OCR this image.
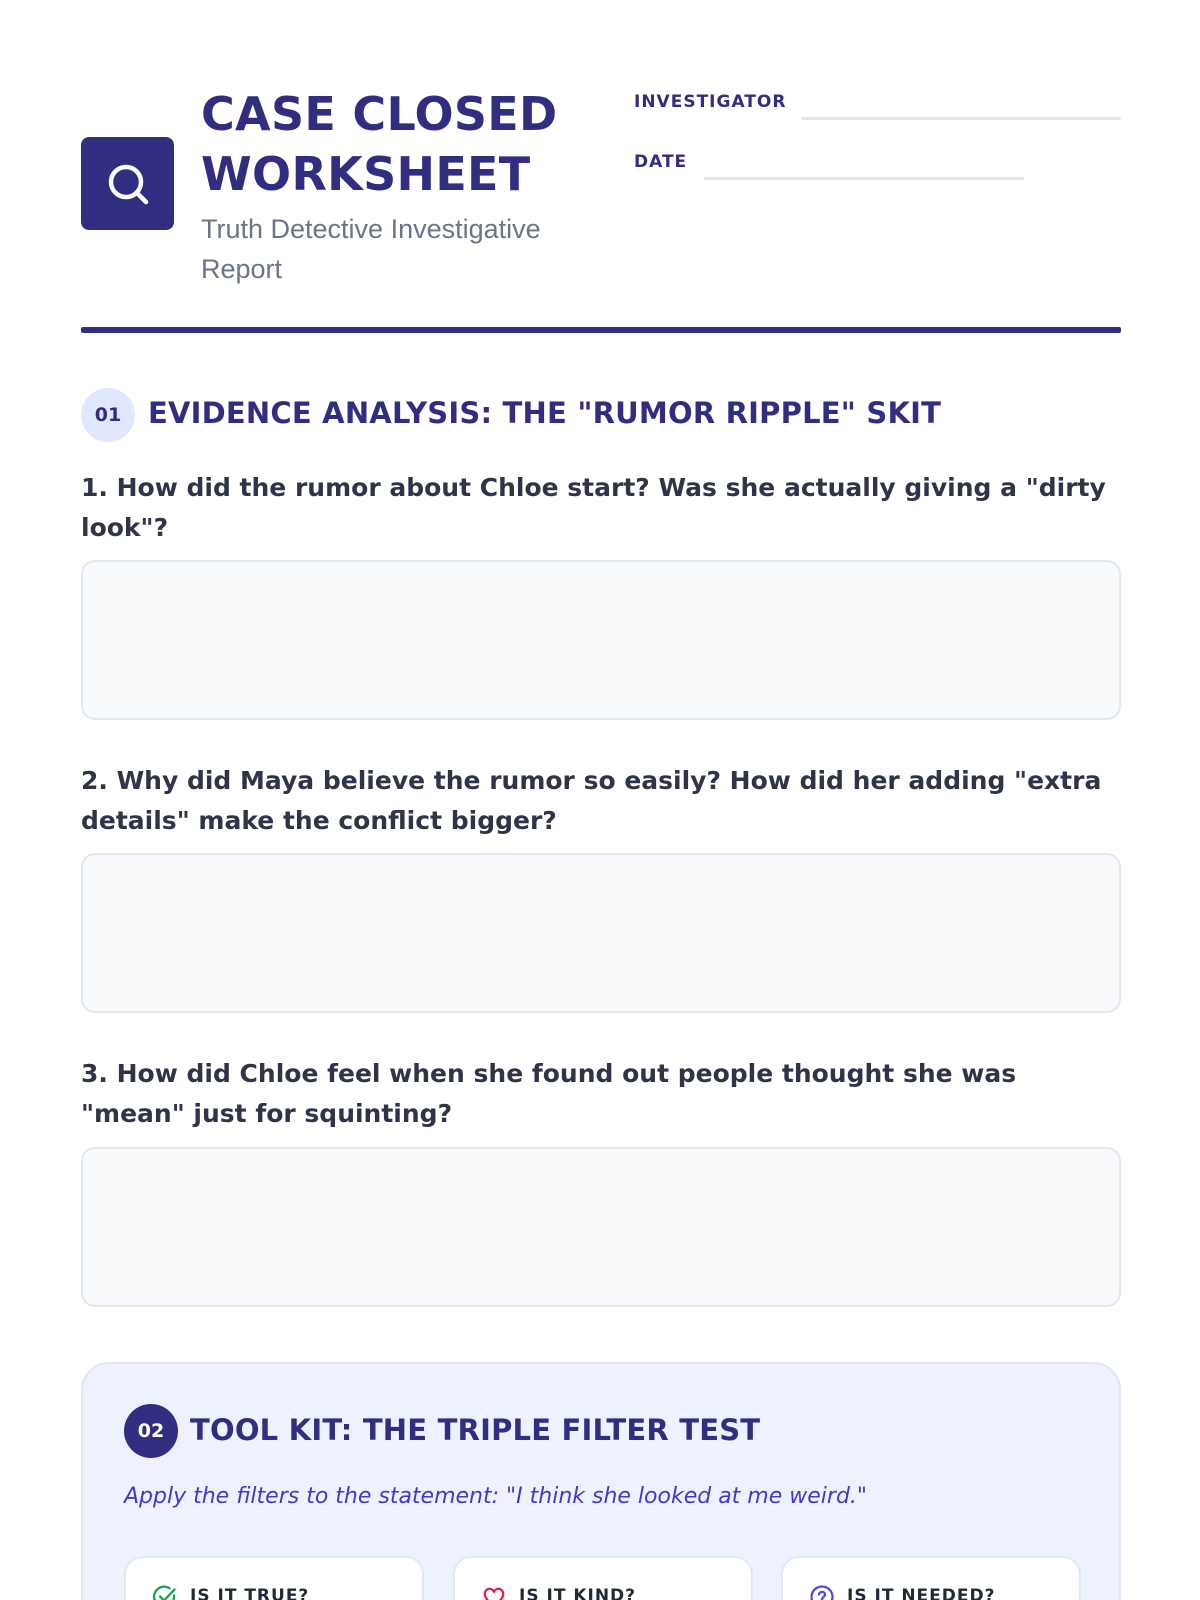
CASE CLOSED
WORKSHEET
Truth Detective Investigative Report
INVESTIGATOR
DATE
01 EVIDENCE ANALYSIS: THE "RUMOR RIPPLE" SKIT
1. How did the rumor about Chloe start? Was she actually giving a "dirty look"?
2. Why did Maya believe the rumor so easily? How did her adding "extra details" make the conflict bigger?
3. How did Chloe feel when she found out people thought she was "mean" just for squinting?
02 TOOL KIT: THE TRIPLE FILTER TEST
Apply the filters to the statement: "I think she looked at me weird."
IS IT TRUE?	IS IT KIND?	IS IT NEEDED?
